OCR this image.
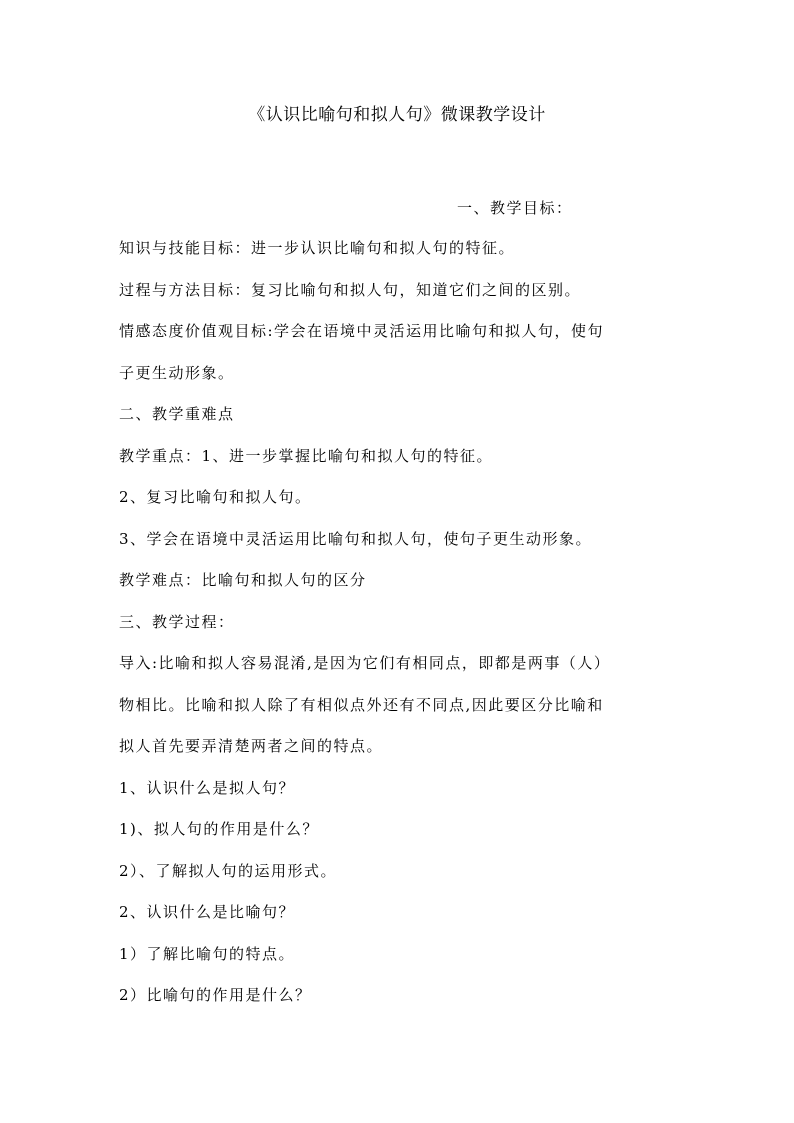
《认识比喻句和拟人句》微课教学设计
一、教学目标：
知识与技能目标：进一步认识比喻句和拟人句的特征。
过程与方法目标：复习比喻句和拟人句，知道它们之间的区别。
情感态度价值观目标:学会在语境中灵活运用比喻句和拟人句，使句
子更生动形象。
二、教学重难点
教学重点：1、进一步掌握比喻句和拟人句的特征。
2、复习比喻句和拟人句。
3、学会在语境中灵活运用比喻句和拟人句，使句子更生动形象。
教学难点：比喻句和拟人句的区分
三、教学过程：
导入:比喻和拟人容易混淆,是因为它们有相同点，即都是两事（人）
物相比。比喻和拟人除了有相似点外还有不同点,因此要区分比喻和
拟人首先要弄清楚两者之间的特点。
1、认识什么是拟人句？
1)、拟人句的作用是什么？
2）、了解拟人句的运用形式。
2、认识什么是比喻句？
1）了解比喻句的特点。
2）比喻句的作用是什么？
